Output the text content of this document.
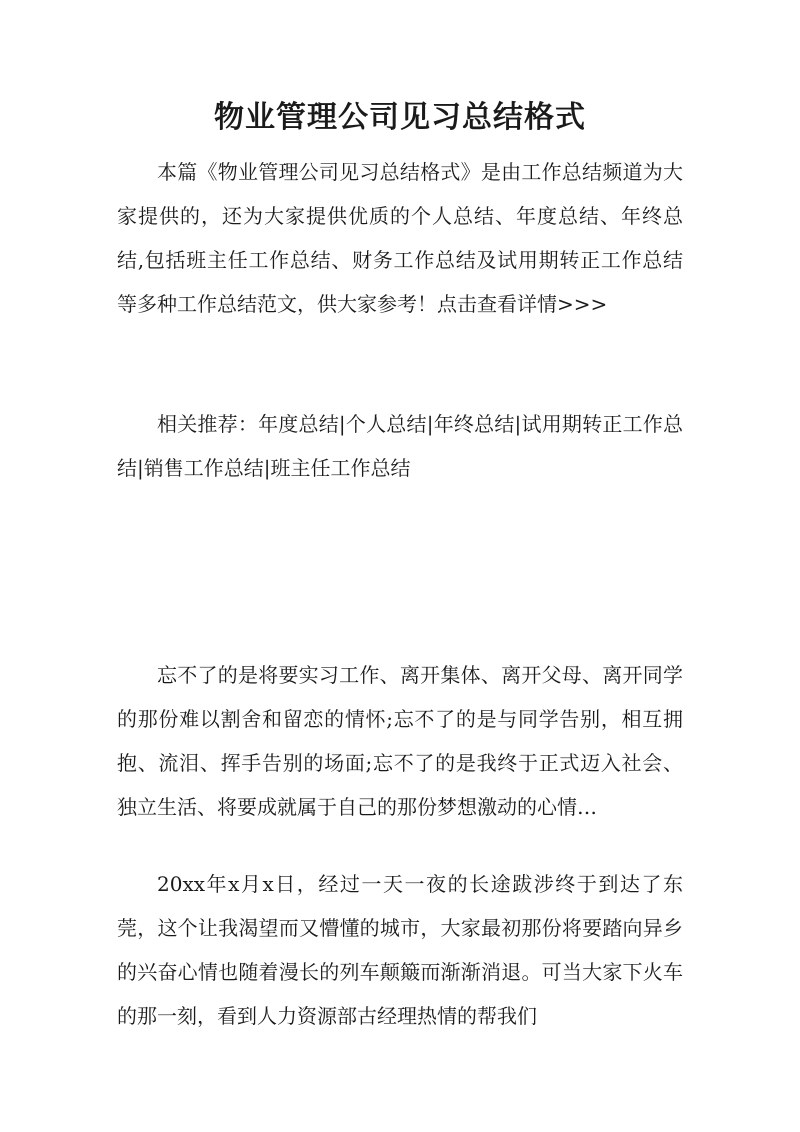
物业管理公司见习总结格式
本篇《物业管理公司见习总结格式》是由工作总结频道为大家提供的，还为大家提供优质的个人总结、年度总结、年终总结,包括班主任工作总结、财务工作总结及试用期转正工作总结等多种工作总结范文，供大家参考！点击查看详情>>>
相关推荐：年度总结|个人总结|年终总结|试用期转正工作总结|销售工作总结|班主任工作总结
忘不了的是将要实习工作、离开集体、离开父母、离开同学的那份难以割舍和留恋的情怀;忘不了的是与同学告别，相互拥抱、流泪、挥手告别的场面;忘不了的是我终于正式迈入社会、独立生活、将要成就属于自己的那份梦想激动的心情…
20xx年x月x日，经过一天一夜的长途跋涉终于到达了东莞，这个让我渴望而又懵懂的城市，大家最初那份将要踏向异乡的兴奋心情也随着漫长的列车颠簸而渐渐消退。可当大家下火车的那一刻，看到人力资源部古经理热情的帮我们
